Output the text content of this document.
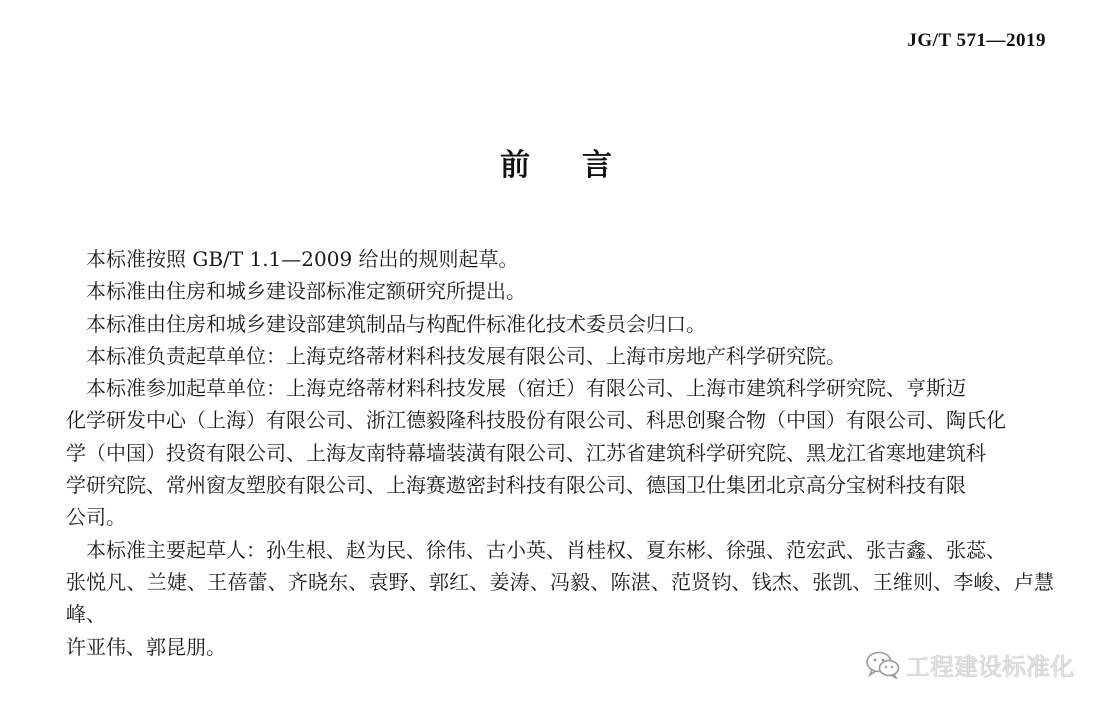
JG/T 571—2019
前 言

本标准按照 GB/T 1.1—2009 给出的规则起草。

本标准由住房和城乡建设部标准定额研究所提出。

本标准由住房和城乡建设部建筑制品与构配件标准化技术委员会归口。

本标准负责起草单位：上海克络蒂材料科技发展有限公司、上海市房地产科学研究院。

本标准参加起草单位：上海克络蒂材料科技发展（宿迁）有限公司、上海市建筑科学研究院、亨斯迈

化学研发中心（上海）有限公司、浙江德毅隆科技股份有限公司、科思创聚合物（中国）有限公司、陶氏化

学（中国）投资有限公司、上海友南特幕墙装潢有限公司、江苏省建筑科学研究院、黑龙江省寒地建筑科

学研究院、常州窗友塑胶有限公司、上海赛遨密封科技有限公司、德国卫仕集团北京高分宝树科技有限

公司。

本标准主要起草人：孙生根、赵为民、徐伟、古小英、肖桂权、夏东彬、徐强、范宏武、张吉鑫、张蕊、

张悦凡、兰婕、王蓓蕾、齐晓东、袁野、郭红、姜涛、冯毅、陈湛、范贤钧、钱杰、张凯、王维则、李峻、卢慧峰、

许亚伟、郭昆朋。

工程建设标准化
